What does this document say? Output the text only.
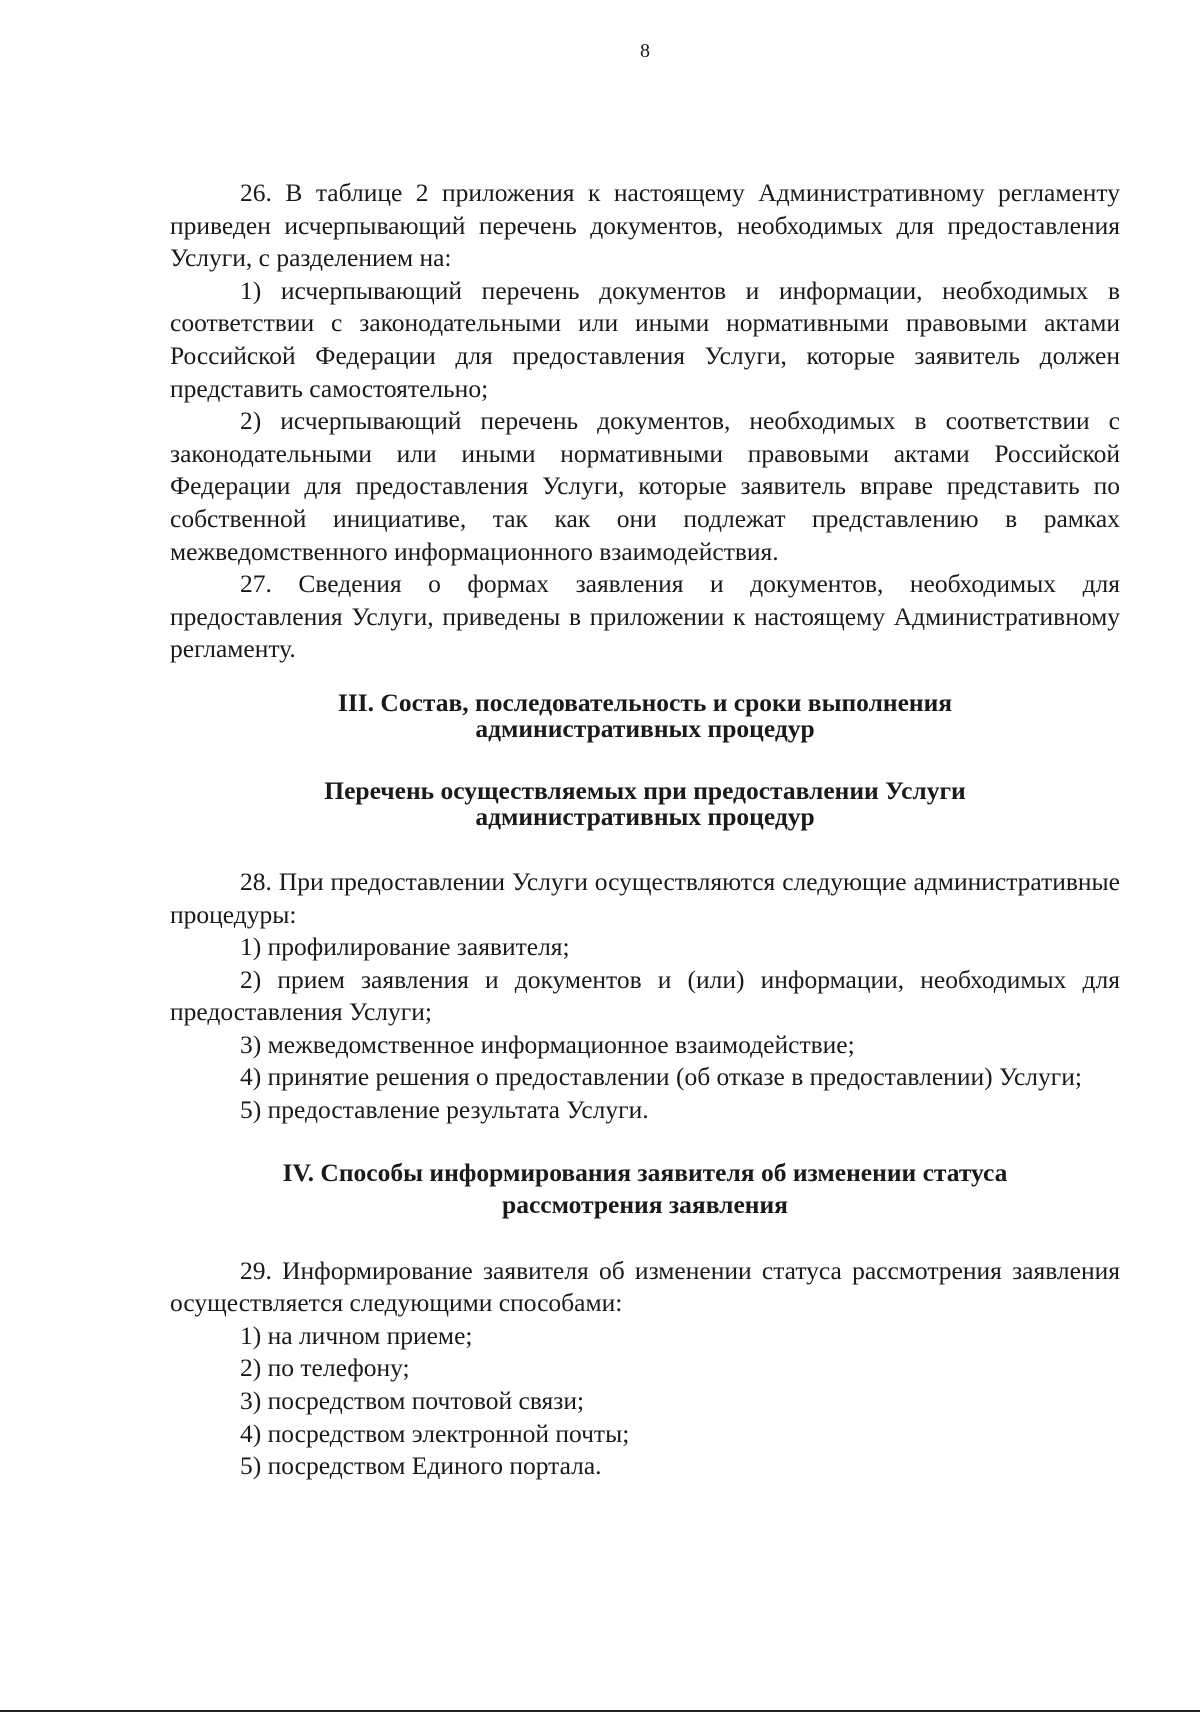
8

26. В таблице 2 приложения к настоящему Административному регламенту приведен исчерпывающий перечень документов, необходимых для предоставления Услуги, с разделением на:

1) исчерпывающий перечень документов и информации, необходимых в соответствии с законодательными или иными нормативными правовыми актами Российской Федерации для предоставления Услуги, которые заявитель должен представить самостоятельно;

2) исчерпывающий перечень документов, необходимых в соответствии с законодательными или иными нормативными правовыми актами Российской Федерации для предоставления Услуги, которые заявитель вправе представить по собственной инициативе, так как они подлежат представлению в рамках межведомственного информационного взаимодействия.

27. Сведения о формах заявления и документов, необходимых для предоставления Услуги, приведены в приложении к настоящему Административному регламенту.

III. Состав, последовательность и сроки выполнения
административных процедур
Перечень осуществляемых при предоставлении Услуги
административных процедур

28. При предоставлении Услуги осуществляются следующие административные процедуры:

1) профилирование заявителя;

2) прием заявления и документов и (или) информации, необходимых для предоставления Услуги;

3) межведомственное информационное взаимодействие;

4) принятие решения о предоставлении (об отказе в предоставлении) Услуги;

5) предоставление результата Услуги.

IV. Способы информирования заявителя об изменении статуса
рассмотрения заявления

29. Информирование заявителя об изменении статуса рассмотрения заявления осуществляется следующими способами:

1) на личном приеме;

2) по телефону;

3) посредством почтовой связи;

4) посредством электронной почты;

5) посредством Единого портала.
